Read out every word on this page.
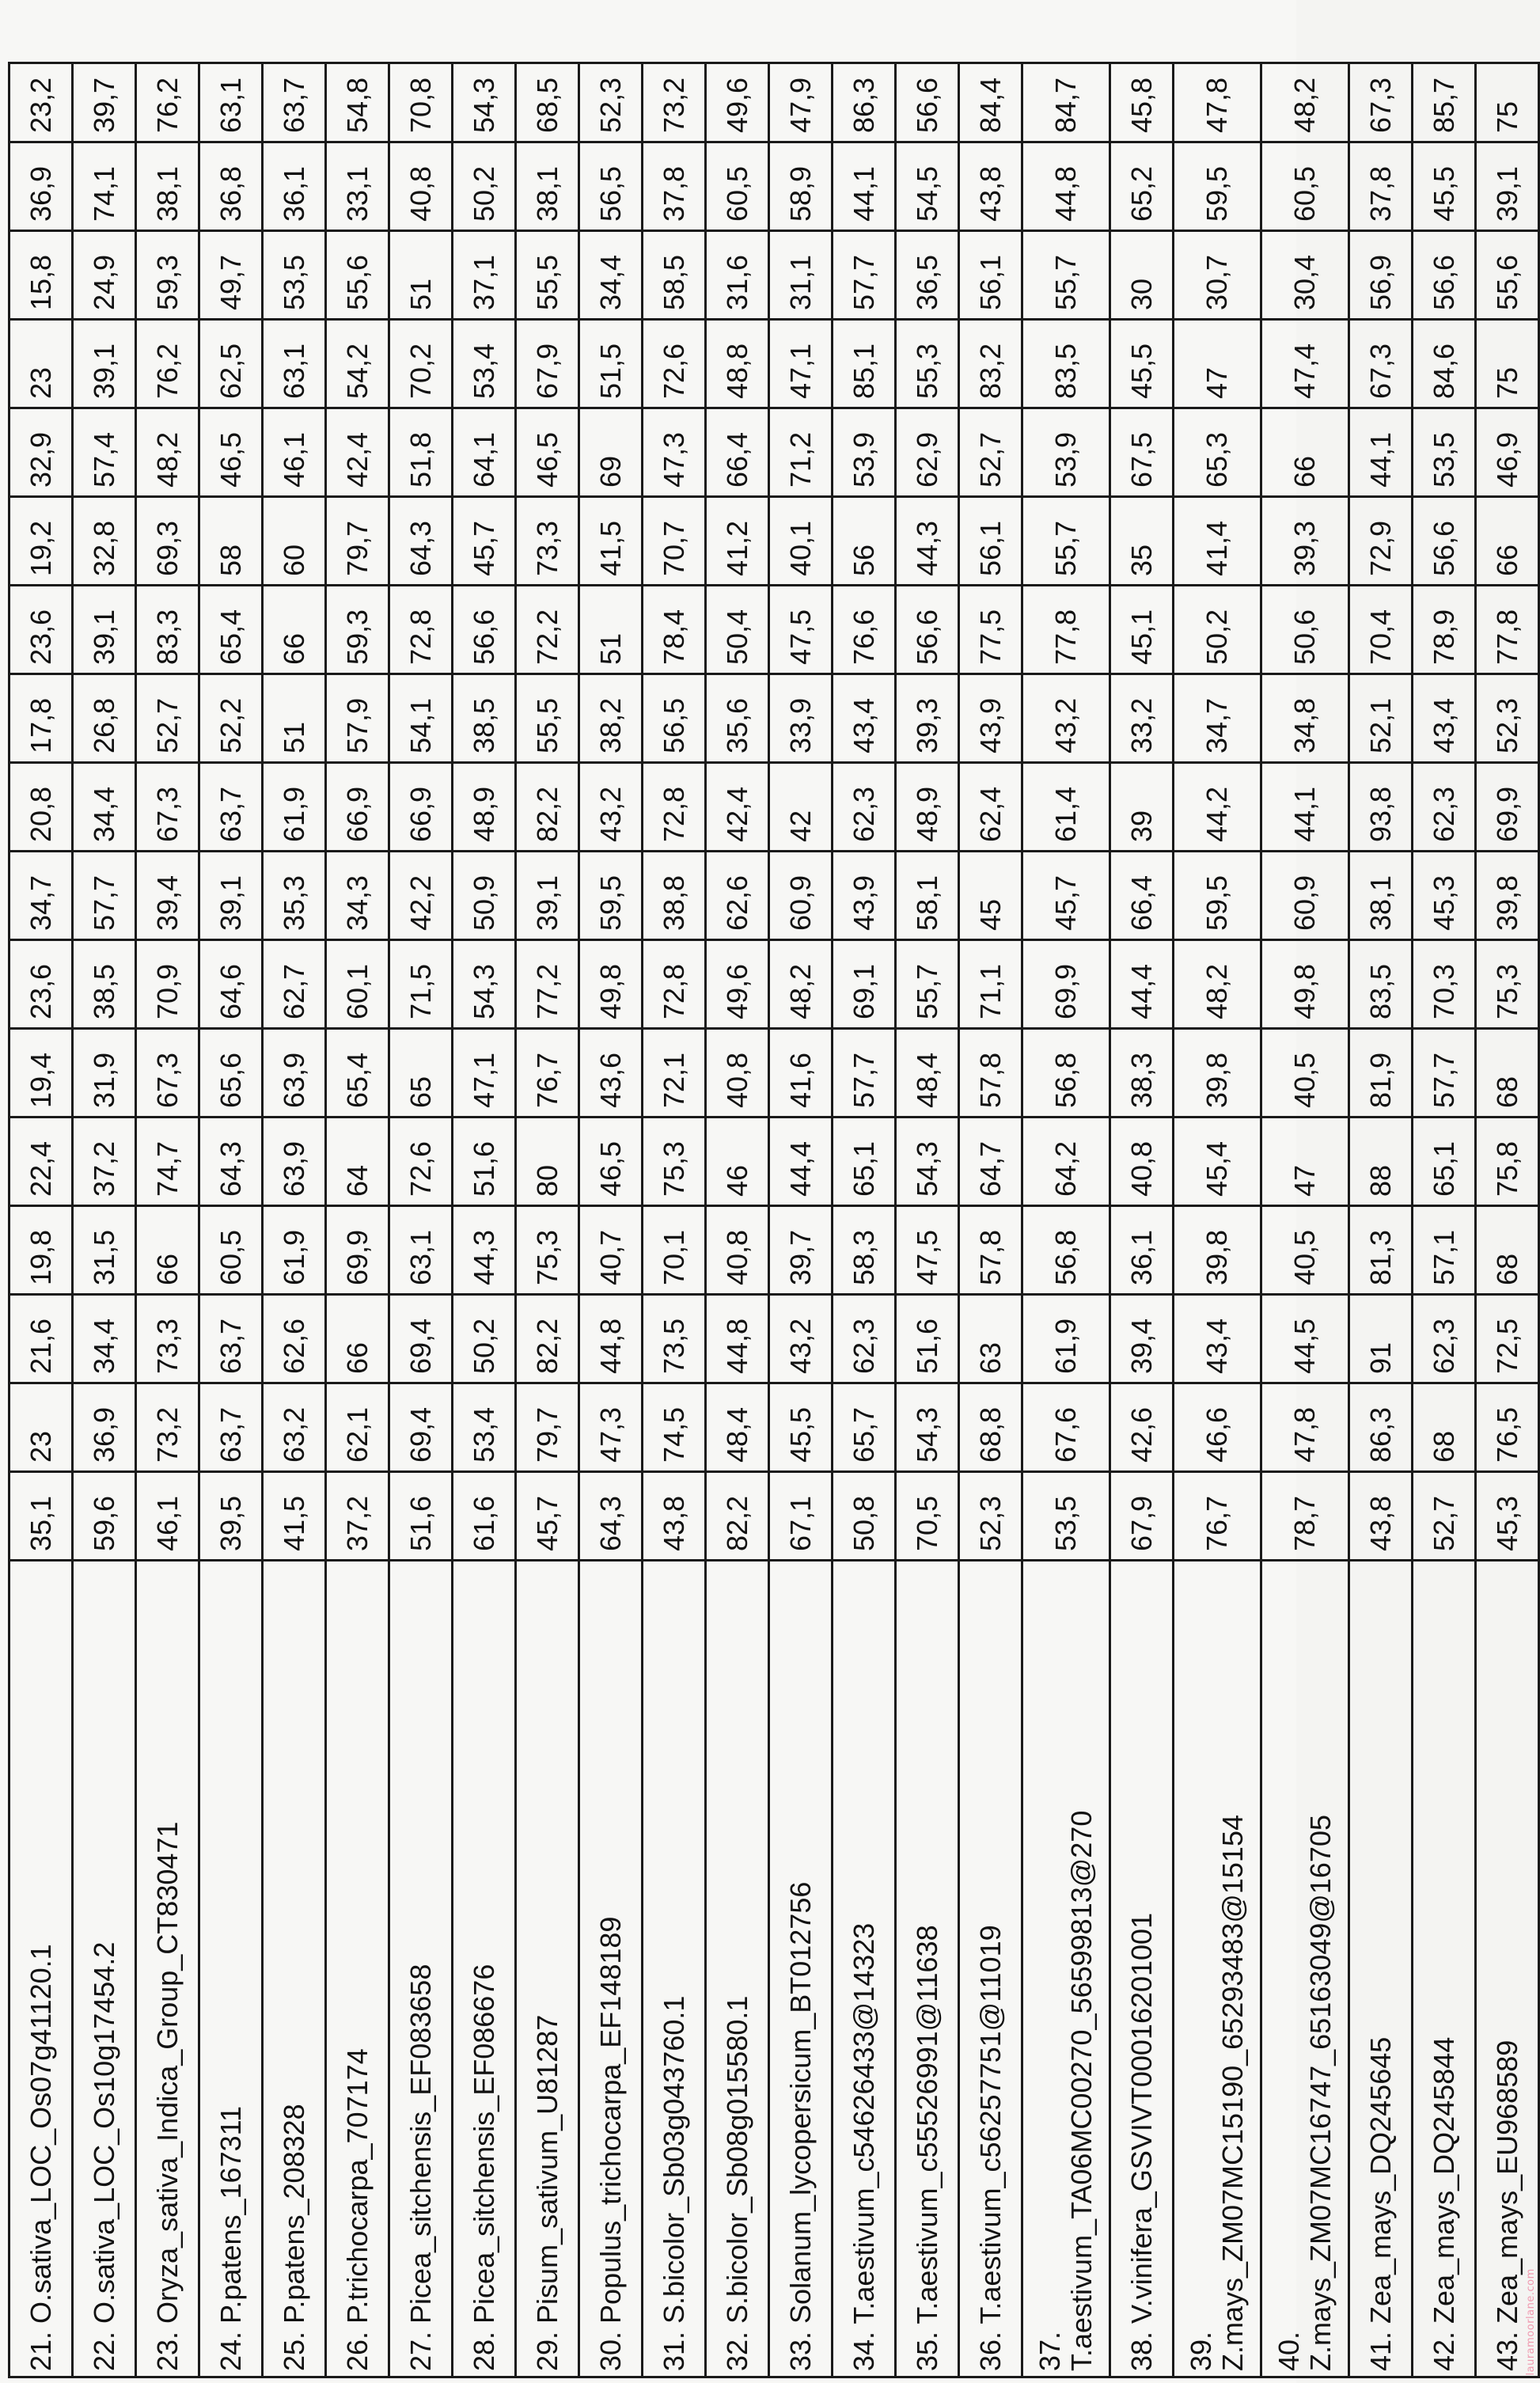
21. O.sativa_LOC_Os07g41120.1	35,1	23	21,6	19,8	22,4	19,4	23,6	34,7	20,8	17,8	23,6	19,2	32,9	23	15,8	36,9	23,2

22. O.sativa_LOC_Os10g17454.2	59,6	36,9	34,4	31,5	37,2	31,9	38,5	57,7	34,4	26,8	39,1	32,8	57,4	39,1	24,9	74,1	39,7

23. Oryza_sativa_Indica_Group_CT830471 lauramoorlane.com	46,1	73,2	73,3	66	74,7	67,3	70,9	39,4	67,3	52,7	83,3	69,3	48,2	76,2	59,3	38,1	76,2

24. P.patens_167311	39,5	63,7	63,7	60,5	64,3	65,6	64,6	39,1	63,7	52,2	65,4	58	46,5	62,5	49,7	36,8	63,1

25. P.patens_208328	41,5	63,2	62,6	61,9	63,9	63,9	62,7	35,3	61,9	51	66	60	46,1	63,1	53,5	36,1	63,7

26. P.trichocarpa_707174	37,2	62,1	66	69,9	64	65,4	60,1	34,3	66,9	57,9	59,3	79,7	42,4	54,2	55,6	33,1	54,8

27. Picea_sitchensis_EF083658	51,6	69,4	69,4	63,1	72,6	65	71,5	42,2	66,9	54,1	72,8	64,3	51,8	70,2	51	40,8	70,8

28. Picea_sitchensis_EF086676	61,6	53,4	50,2	44,3	51,6	47,1	54,3	50,9	48,9	38,5	56,6	45,7	64,1	53,4	37,1	50,2	54,3

29. Pisum_sativum_U81287	45,7	79,7	82,2	75,3	80	76,7	77,2	39,1	82,2	55,5	72,2	73,3	46,5	67,9	55,5	38,1	68,5

30. Populus_trichocarpa_EF148189	64,3	47,3	44,8	40,7	46,5	43,6	49,8	59,5	43,2	38,2	51	41,5	69	51,5	34,4	56,5	52,3

31. S.bicolor_Sb03g043760.1	43,8	74,5	73,5	70,1	75,3	72,1	72,8	38,8	72,8	56,5	78,4	70,7	47,3	72,6	58,5	37,8	73,2

32. S.bicolor_Sb08g015580.1	82,2	48,4	44,8	40,8	46	40,8	49,6	62,6	42,4	35,6	50,4	41,2	66,4	48,8	31,6	60,5	49,6

33. Solanum_lycopersicum_BT012756	67,1	45,5	43,2	39,7	44,4	41,6	48,2	60,9	42	33,9	47,5	40,1	71,2	47,1	31,1	58,9	47,9

34. T.aestivum_c54626433@14323	50,8	65,7	62,3	58,3	65,1	57,7	69,1	43,9	62,3	43,4	76,6	56	53,9	85,1	57,7	44,1	86,3

35. T.aestivum_c55526991@11638	70,5	54,3	51,6	47,5	54,3	48,4	55,7	58,1	48,9	39,3	56,6	44,3	62,9	55,3	36,5	54,5	56,6

36. T.aestivum_c56257751@11019	52,3	68,8	63	57,8	64,7	57,8	71,1	45	62,4	43,9	77,5	56,1	52,7	83,2	56,1	43,8	84,4

37. T.aestivum_TA06MC00270_56599813@270	53,5	67,6	61,9	56,8	64,2	56,8	69,9	45,7	61,4	43,2	77,8	55,7	53,9	83,5	55,7	44,8	84,7

38. V.vinifera_GSVIVT00016201001	67,9	42,6	39,4	36,1	40,8	38,3	44,4	66,4	39	33,2	45,1	35	67,5	45,5	30	65,2	45,8

39. Z.mays_ZM07MC15190_65293483@15154	76,7	46,6	43,4	39,8	45,4	39,8	48,2	59,5	44,2	34,7	50,2	41,4	65,3	47	30,7	59,5	47,8

40. Z.mays_ZM07MC16747_65163049@16705	78,7	47,8	44,5	40,5	47	40,5	49,8	60,9	44,1	34,8	50,6	39,3	66	47,4	30,4	60,5	48,2

41. Zea_mays_DQ245645	43,8	86,3	91	81,3	88	81,9	83,5	38,1	93,8	52,1	70,4	72,9	44,1	67,3	56,9	37,8	67,3

42. Zea_mays_DQ245844	52,7	68	62,3	57,1	65,1	57,7	70,3	45,3	62,3	43,4	78,9	56,6	53,5	84,6	56,6	45,5	85,7

43. Zea_mays_EU968589	45,3	76,5	72,5	68	75,8	68	75,3	39,8	69,9	52,3	77,8	66	46,9	75	55,6	39,1	75
